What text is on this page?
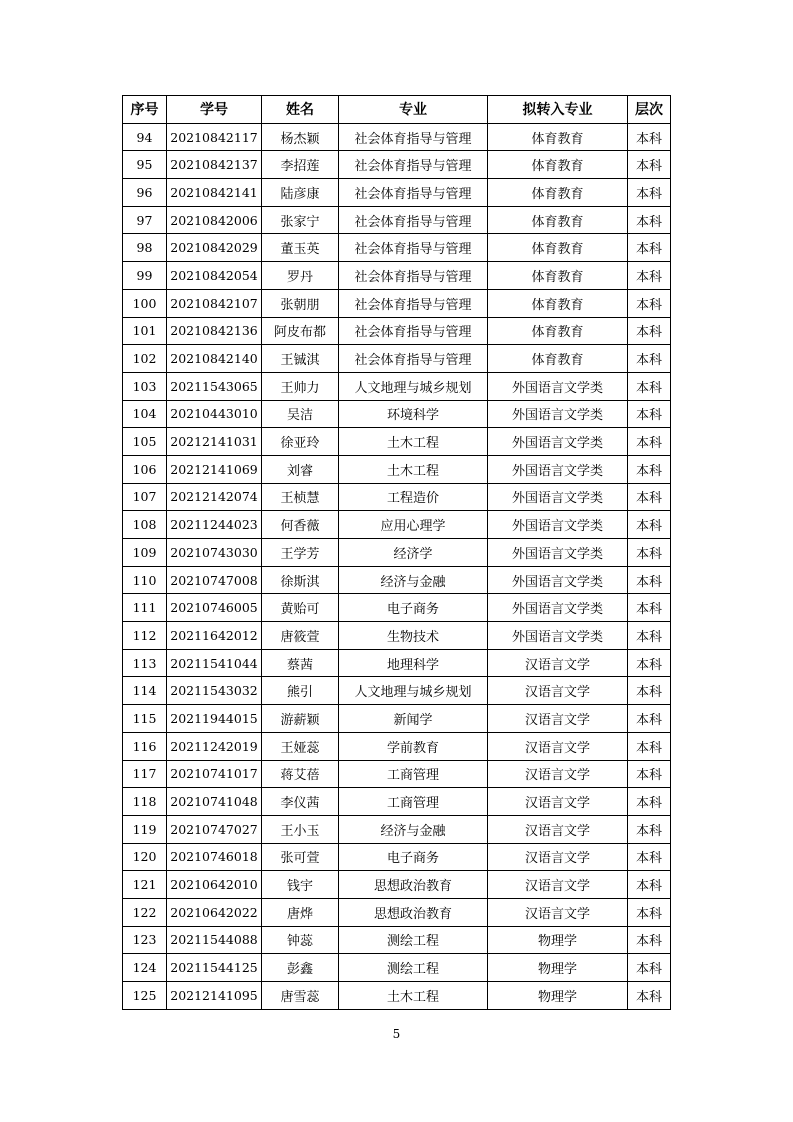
序号	学号	姓名	专业	拟转入专业	层次
94	20210842117	杨杰颖	社会体育指导与管理	体育教育	本科
95	20210842137	李招莲	社会体育指导与管理	体育教育	本科
96	20210842141	陆彦康	社会体育指导与管理	体育教育	本科
97	20210842006	张家宁	社会体育指导与管理	体育教育	本科
98	20210842029	董玉英	社会体育指导与管理	体育教育	本科
99	20210842054	罗丹	社会体育指导与管理	体育教育	本科
100	20210842107	张朝朋	社会体育指导与管理	体育教育	本科
101	20210842136	阿皮布都	社会体育指导与管理	体育教育	本科
102	20210842140	王铖淇	社会体育指导与管理	体育教育	本科
103	20211543065	王帅力	人文地理与城乡规划	外国语言文学类	本科
104	20210443010	吴洁	环境科学	外国语言文学类	本科
105	20212141031	徐亚玲	土木工程	外国语言文学类	本科
106	20212141069	刘睿	土木工程	外国语言文学类	本科
107	20212142074	王桢慧	工程造价	外国语言文学类	本科
108	20211244023	何香薇	应用心理学	外国语言文学类	本科
109	20210743030	王学芳	经济学	外国语言文学类	本科
110	20210747008	徐斯淇	经济与金融	外国语言文学类	本科
111	20210746005	黄贻可	电子商务	外国语言文学类	本科
112	20211642012	唐筱萱	生物技术	外国语言文学类	本科
113	20211541044	蔡茜	地理科学	汉语言文学	本科
114	20211543032	熊引	人文地理与城乡规划	汉语言文学	本科
115	20211944015	游薪颖	新闻学	汉语言文学	本科
116	20211242019	王娅蕊	学前教育	汉语言文学	本科
117	20210741017	蒋艾蓓	工商管理	汉语言文学	本科
118	20210741048	李仪茜	工商管理	汉语言文学	本科
119	20210747027	王小玉	经济与金融	汉语言文学	本科
120	20210746018	张可萱	电子商务	汉语言文学	本科
121	20210642010	钱宇	思想政治教育	汉语言文学	本科
122	20210642022	唐烨	思想政治教育	汉语言文学	本科
123	20211544088	钟蕊	测绘工程	物理学	本科
124	20211544125	彭鑫	测绘工程	物理学	本科
125	20212141095	唐雪蕊	土木工程	物理学	本科
5
